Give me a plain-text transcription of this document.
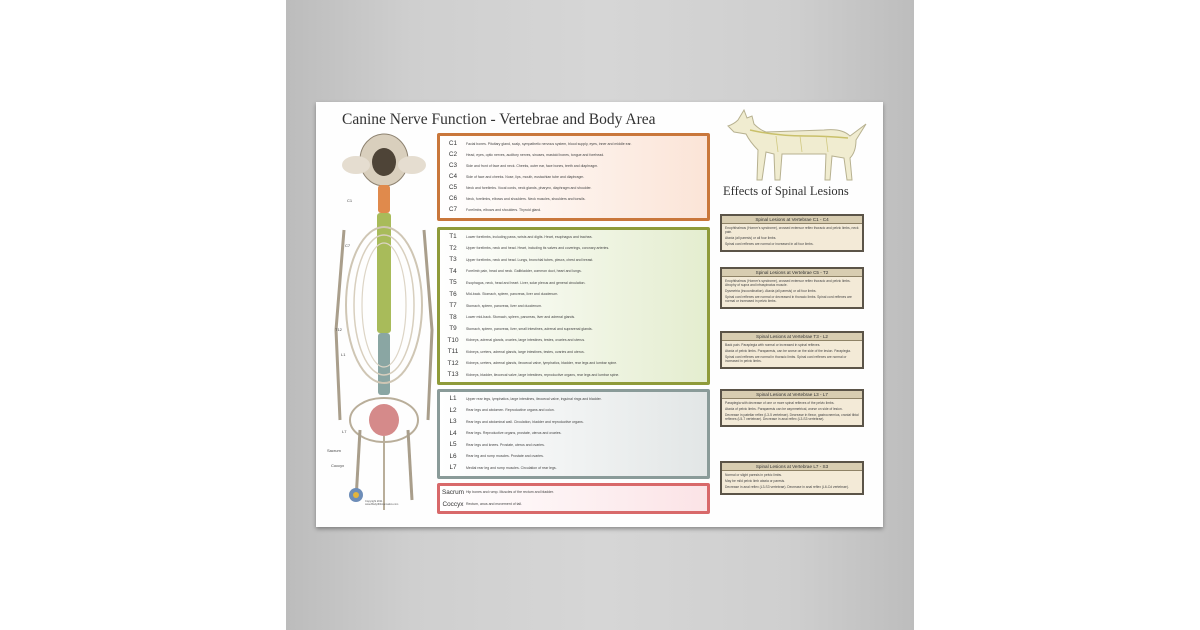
Canine Nerve Function - Vertebrae and Body Area
C1
C7
T12
L1
L7
Sacrum
Coccyx
Copyright 2011
www.Body3Dkinematics.com
C1	Facial bones. Pituitary gland, scalp, sympathetic nervous system, blood supply, eyes, inner and middle ear.
C2	Head, eyes, optic nerves, auditory nerves, sinuses, mastoid bones, tongue and forehead.
C3	Side and front of face and neck. Cheeks, outer ear, face bones, teeth and diaphragm.
C4	Side of face and cheeks. Nose, lips, mouth, eustachian tube and diaphragm.
C5	Neck and forelimbs. Vocal cords, neck glands, pharynx, diaphragm and shoulder.
C6	Neck, forelimbs, elbows and shoulders. Neck muscles, shoulders and tonsils.
C7	Forelimbs, elbows and shoulders. Thyroid gland.
T1	Lower forelimbs, including paws, wrists and digits. Heart, esophagus and trachea.
T2	Upper forelimbs, neck and head. Heart, including its valves and coverings, coronary arteries.
T3	Upper forelimbs, neck and head. Lungs, bronchial tubes, pleura, chest and breast.
T4	Forelimb pain, head and neck. Gallbladder, common duct, heart and lungs.
T5	Esophagus, neck, head and heart. Liver, solar plexus and general circulation.
T6	Mid-back. Stomach, spleen, pancreas, liver and duodenum.
T7	Stomach, spleen, pancreas, liver and duodenum.
T8	Lower mid-back. Stomach, spleen, pancreas, liver and adrenal glands.
T9	Stomach, spleen, pancreas, liver, small intestines, adrenal and suprarenal glands.
T10	Kidneys, adrenal glands, ovaries, large intestines, testes, ovaries and uterus.
T11	Kidneys, ureters, adrenal glands, large intestines, testes, ovaries and uterus.
T12	Kidneys, ureters, adrenal glands, ileocecal valve, lymphatics, bladder, rear legs and lumbar spine.
T13	Kidneys, bladder, ileocecal valve, large intestines, reproductive organs, rear legs and lumbar spine.
L1	Upper rear legs, lymphatics, large intestines, ileocecal valve, inguinal rings and bladder.
L2	Rear legs and abdomen. Reproductive organs and colon.
L3	Rear legs and abdominal wall. Circulation, bladder and reproductive organs.
L4	Rear legs. Reproductive organs, prostate, uterus and ovaries.
L5	Rear legs and knees. Prostate, uterus and ovaries.
L6	Rear leg and rump muscles. Prostate and ovaries.
L7	Medial rear leg and rump muscles. Circulation of rear legs.
Sacrum Hip bones and rump. Muscles of the rectum and bladder.
Coccyx Rectum, anus and movement of tail.
Effects of Spinal Lesions
Spinal Lesions at Vertebrae C1 - C4
Enophthalmos (Horner's syndrome), crossed extensor reflex thoracic and pelvic limbs, neck pain.
Ataxia (all paresis) or all four limbs.
Spinal cord reflexes are normal or increased in all four limbs.
Spinal Lesions at Vertebrae C5 - T2
Enophthalmos (Horner's syndrome), crossed extensor reflex thoracic and pelvic limbs. Atrophy of supra and infraspinatus muscle.
Dysmetria (incoordination). Ataxia (all paresis) or all four limbs.
Spinal cord reflexes are normal or decreased in thoracic limbs. Spinal cord reflexes are normal or increased in pelvic limbs.
Spinal Lesions at Vertebrae T3 - L2
Back pain. Paraplegia with normal or increased in spinal reflexes.
Ataxia of pelvic limbs. Paraparesis, can be worse on the side of the lesion. Paraplegia.
Spinal cord reflexes are normal in thoracic limbs. Spinal cord reflexes are normal or increased in pelvic limbs.
Spinal Lesions at Vertebrae L3 - L7
Paraplegia with decrease of one or more spinal reflexes of the pelvic limbs.
Ataxia of pelvic limbs. Paraparesis can be asymmetrical, worse on side of lesion.
Decrease in patellar reflex (L3-5 vertebrae). Decrease in flexor, gastrocnemius, cranial tibial reflexes (L5-7 vertebrae). Decrease in anal reflex (L3-S3 vertebrae).
Spinal Lesions at Vertebrae L7 - S3
Normal or slight paresis in pelvic limbs.
May be mild pelvic limb ataxia or paresis.
Decrease in anal reflex (L3-S3 vertebrae). Decrease in anal reflex (L6-Cd vertebrae).
